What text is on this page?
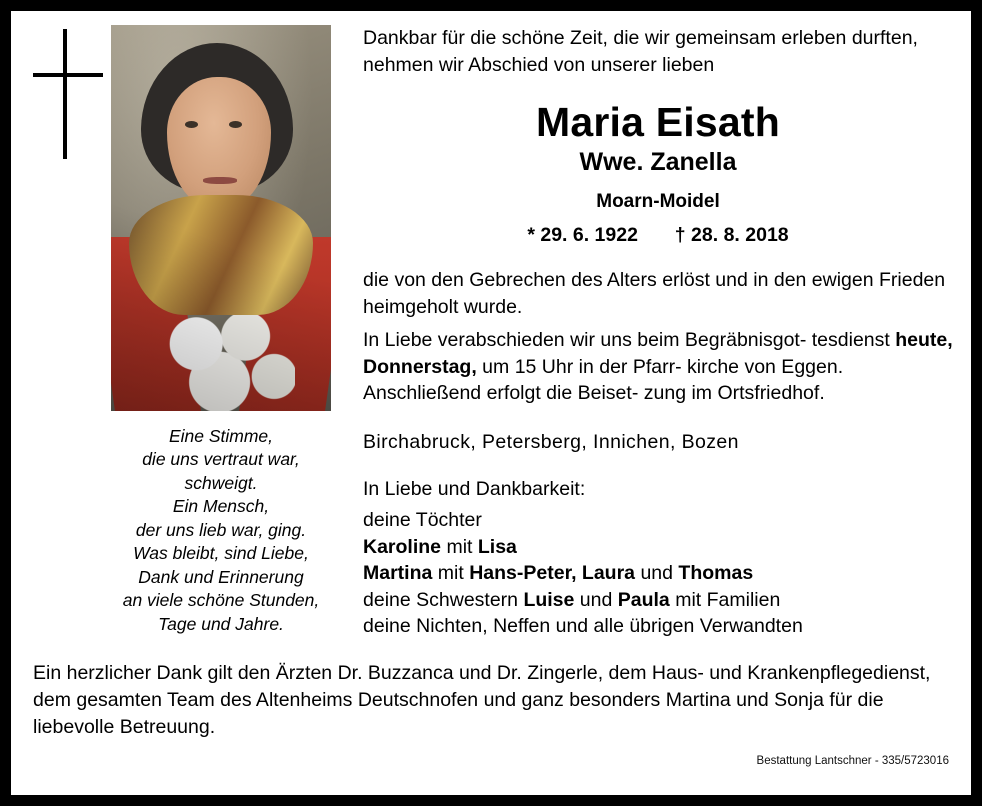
Eine Stimme,
die uns vertraut war, schweigt.
Ein Mensch,
der uns lieb war, ging.
Was bleibt, sind Liebe,
Dank und Erinnerung
an viele schöne Stunden,
Tage und Jahre.
Dankbar für die schöne Zeit, die wir gemeinsam erleben durften, nehmen wir Abschied von unserer lieben
Maria Eisath
Wwe. Zanella
Moarn-Moidel
* 29. 6. 1922 † 28. 8. 2018
die von den Gebrechen des Alters erlöst und in den ewigen Frieden heimgeholt wurde.
In Liebe verabschieden wir uns beim Begräbnisgot- tesdienst heute, Donnerstag, um 15 Uhr in der Pfarr- kirche von Eggen. Anschließend erfolgt die Beiset- zung im Ortsfriedhof.
Birchabruck, Petersberg, Innichen, Bozen
In Liebe und Dankbarkeit:
deine Töchter
Karoline mit Lisa
Martina mit Hans-Peter, Laura und Thomas
deine Schwestern Luise und Paula mit Familien
deine Nichten, Neffen und alle übrigen Verwandten
Ein herzlicher Dank gilt den Ärzten Dr. Buzzanca und Dr. Zingerle, dem Haus- und Krankenpflegedienst, dem gesamten Team des Altenheims Deutschnofen und ganz besonders Martina und Sonja für die liebevolle Betreuung.
Bestattung Lantschner - 335/5723016
